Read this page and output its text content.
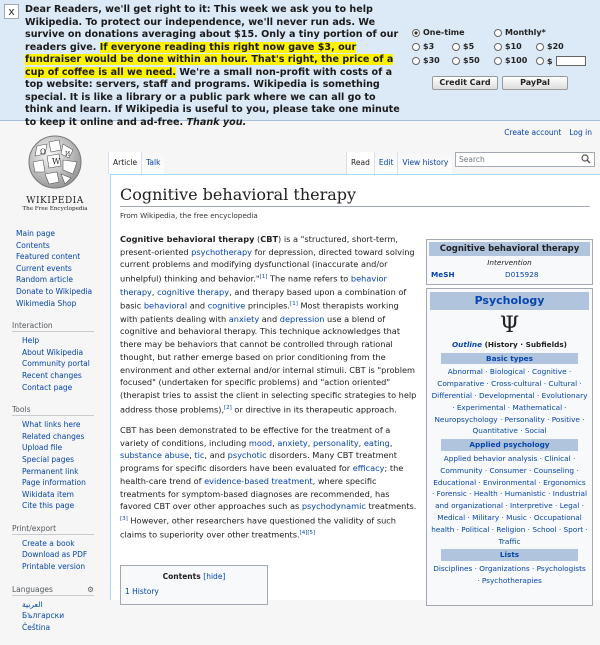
x	Dear Readers, we'll get right to it: This week we ask you to help Wikipedia. To protect our independence, we'll never run ads. We survive on donations averaging about $15. Only a tiny portion of our readers give. If everyone reading this right now gave $3, our fundraiser would be done within an hour. That's right, the price of a cup of coffee is all we need. We're a small non-profit with costs of a top website: servers, staff and programs. Wikipedia is something special. It is like a library or a public park where we can all go to think and learn. If Wikipedia is useful to you, please take one minute to keep it online and ad-free. Thank you.
One-time	Monthly*
$3	$5	$10	$20
$30	$50	$100 $
Credit Card	PayPal
Create account Log in
Ω
W
И
WIKIPEDIA
The Free Encyclopedia
Main page
Contents
Featured content
Current events
Random article
Donate to Wikipedia
Wikimedia Shop
Interaction
Help
About Wikipedia
Community portal
Recent changes
Contact page
Tools
What links here
Related changes
Upload file
Special pages
Permanent link
Page information
Wikidata item
Cite this page
Print/export
Create a book
Download as PDF
Printable version
Languages	⚙
العربية
Български
Čeština
Article	Talk	Read	Edit	View history	Search
Cognitive behavioral therapy
From Wikipedia, the free encyclopedia

Cognitive behavioral therapy (CBT) is a "structured, short-term, present-oriented psychotherapy for depression, directed toward solving current problems and modifying dysfunctional (inaccurate and/or unhelpful) thinking and behavior."[1] The name refers to behavior therapy, cognitive therapy, and therapy based upon a combination of basic behavioral and cognitive principles.[1] Most therapists working with patients dealing with anxiety and depression use a blend of cognitive and behavioral therapy. This technique acknowledges that there may be behaviors that cannot be controlled through rational thought, but rather emerge based on prior conditioning from the environment and other external and/or internal stimuli. CBT is "problem focused" (undertaken for specific problems) and "action oriented" (therapist tries to assist the client in selecting specific strategies to help address those problems),[2] or directive in its therapeutic approach.

CBT has been demonstrated to be effective for the treatment of a variety of conditions, including mood, anxiety, personality, eating, substance abuse, tic, and psychotic disorders. Many CBT treatment programs for specific disorders have been evaluated for efficacy; the health-care trend of evidence-based treatment, where specific treatments for symptom-based diagnoses are recommended, has favored CBT over other approaches such as psychodynamic treatments.[3] However, other researchers have questioned the validity of such claims to superiority over other treatments.[4][5]

Contents [hide]
1 History
Cognitive behavioral therapy
Intervention
MeSH	D015928
Psychology
Ψ
Outline (History · Subfields)
Basic types
Abnormal · Biological · Cognitive · Comparative · Cross-cultural · Cultural · Differential · Developmental · Evolutionary · Experimental · Mathematical · Neuropsychology · Personality · Positive · Quantitative · Social
Applied psychology
Applied behavior analysis · Clinical · Community · Consumer · Counseling · Educational · Environmental · Ergonomics · Forensic · Health · Humanistic · Industrial and organizational · Interpretive · Legal · Medical · Military · Music · Occupational health · Political · Religion · School · Sport · Traffic
Lists
Disciplines · Organizations · Psychologists · Psychotherapies
